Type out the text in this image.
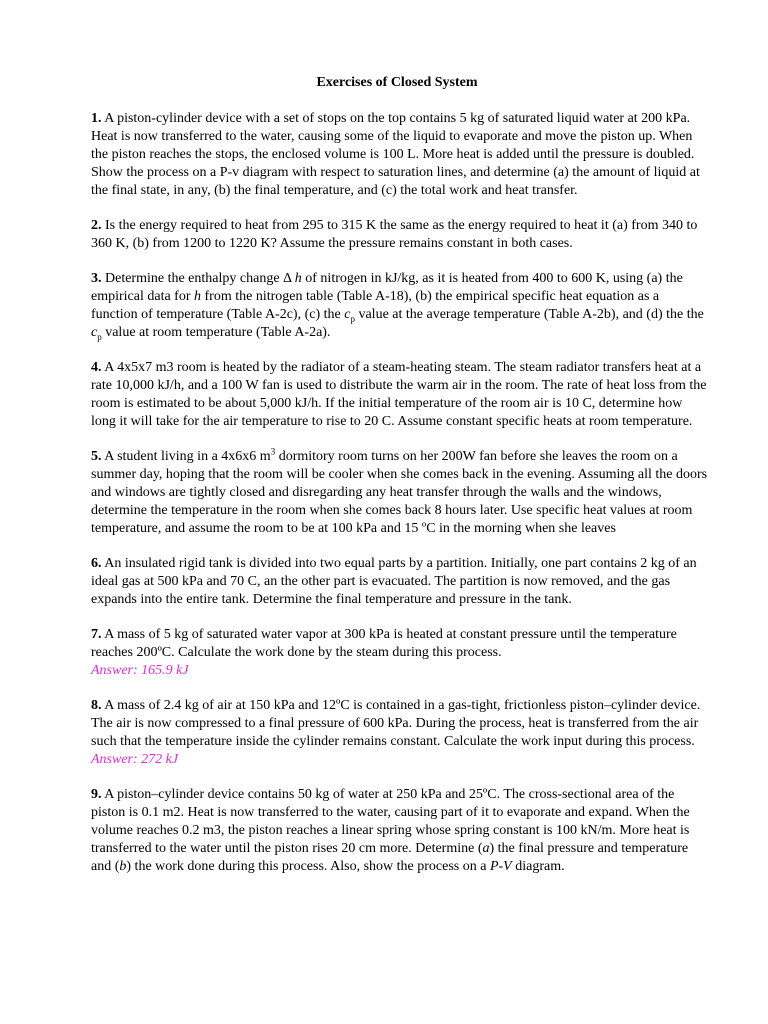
Exercises of Closed System

1. A piston-cylinder device with a set of stops on the top contains 5 kg of saturated liquid water at 200 kPa. Heat is now transferred to the water, causing some of the liquid to evaporate and move the piston up. When the piston reaches the stops, the enclosed volume is 100 L. More heat is added until the pressure is doubled. Show the process on a P-v diagram with respect to saturation lines, and determine (a) the amount of liquid at the final state, in any, (b) the final temperature, and (c) the total work and heat transfer.

2. Is the energy required to heat from 295 to 315 K the same as the energy required to heat it (a) from 340 to 360 K, (b) from 1200 to 1220 K? Assume the pressure remains constant in both cases.

3. Determine the enthalpy change Δ h of nitrogen in kJ/kg, as it is heated from 400 to 600 K, using (a) the empirical data for h from the nitrogen table (Table A-18), (b) the empirical specific heat equation as a function of temperature (Table A-2c), (c) the $c_p$ value at the average temperature (Table A-2b), and (d) the the $c_p$ value at room temperature (Table A-2a).

4. A 4x5x7 m3 room is heated by the radiator of a steam-heating steam. The steam radiator transfers heat at a rate 10,000 kJ/h, and a 100 W fan is used to distribute the warm air in the room. The rate of heat loss from the room is estimated to be about 5,000 kJ/h. If the initial temperature of the room air is 10 C, determine how long it will take for the air temperature to rise to 20 C. Assume constant specific heats at room temperature.

5. A student living in a 4x6x6 $m^3$ dormitory room turns on her 200W fan before she leaves the room on a summer day, hoping that the room will be cooler when she comes back in the evening. Assuming all the doors and windows are tightly closed and disregarding any heat transfer through the walls and the windows, determine the temperature in the room when she comes back 8 hours later. Use specific heat values at room temperature, and assume the room to be at 100 kPa and 15 ºC in the morning when she leaves

6. An insulated rigid tank is divided into two equal parts by a partition. Initially, one part contains 2 kg of an ideal gas at 500 kPa and 70 C, an the other part is evacuated. The partition is now removed, and the gas expands into the entire tank. Determine the final temperature and pressure in the tank.

7. A mass of 5 kg of saturated water vapor at 300 kPa is heated at constant pressure until the temperature reaches 200ºC. Calculate the work done by the steam during this process.
Answer: 165.9 kJ

8. A mass of 2.4 kg of air at 150 kPa and 12ºC is contained in a gas-tight, frictionless piston–cylinder device. The air is now compressed to a final pressure of 600 kPa. During the process, heat is transferred from the air such that the temperature inside the cylinder remains constant. Calculate the work input during this process.
Answer: 272 kJ

9. A piston–cylinder device contains 50 kg of water at 250 kPa and 25ºC. The cross-sectional area of the piston is 0.1 m2. Heat is now transferred to the water, causing part of it to evaporate and expand. When the volume reaches 0.2 m3, the piston reaches a linear spring whose spring constant is 100 kN/m. More heat is transferred to the water until the piston rises 20 cm more. Determine (a) the final pressure and temperature and (b) the work done during this process. Also, show the process on a P-V diagram.
